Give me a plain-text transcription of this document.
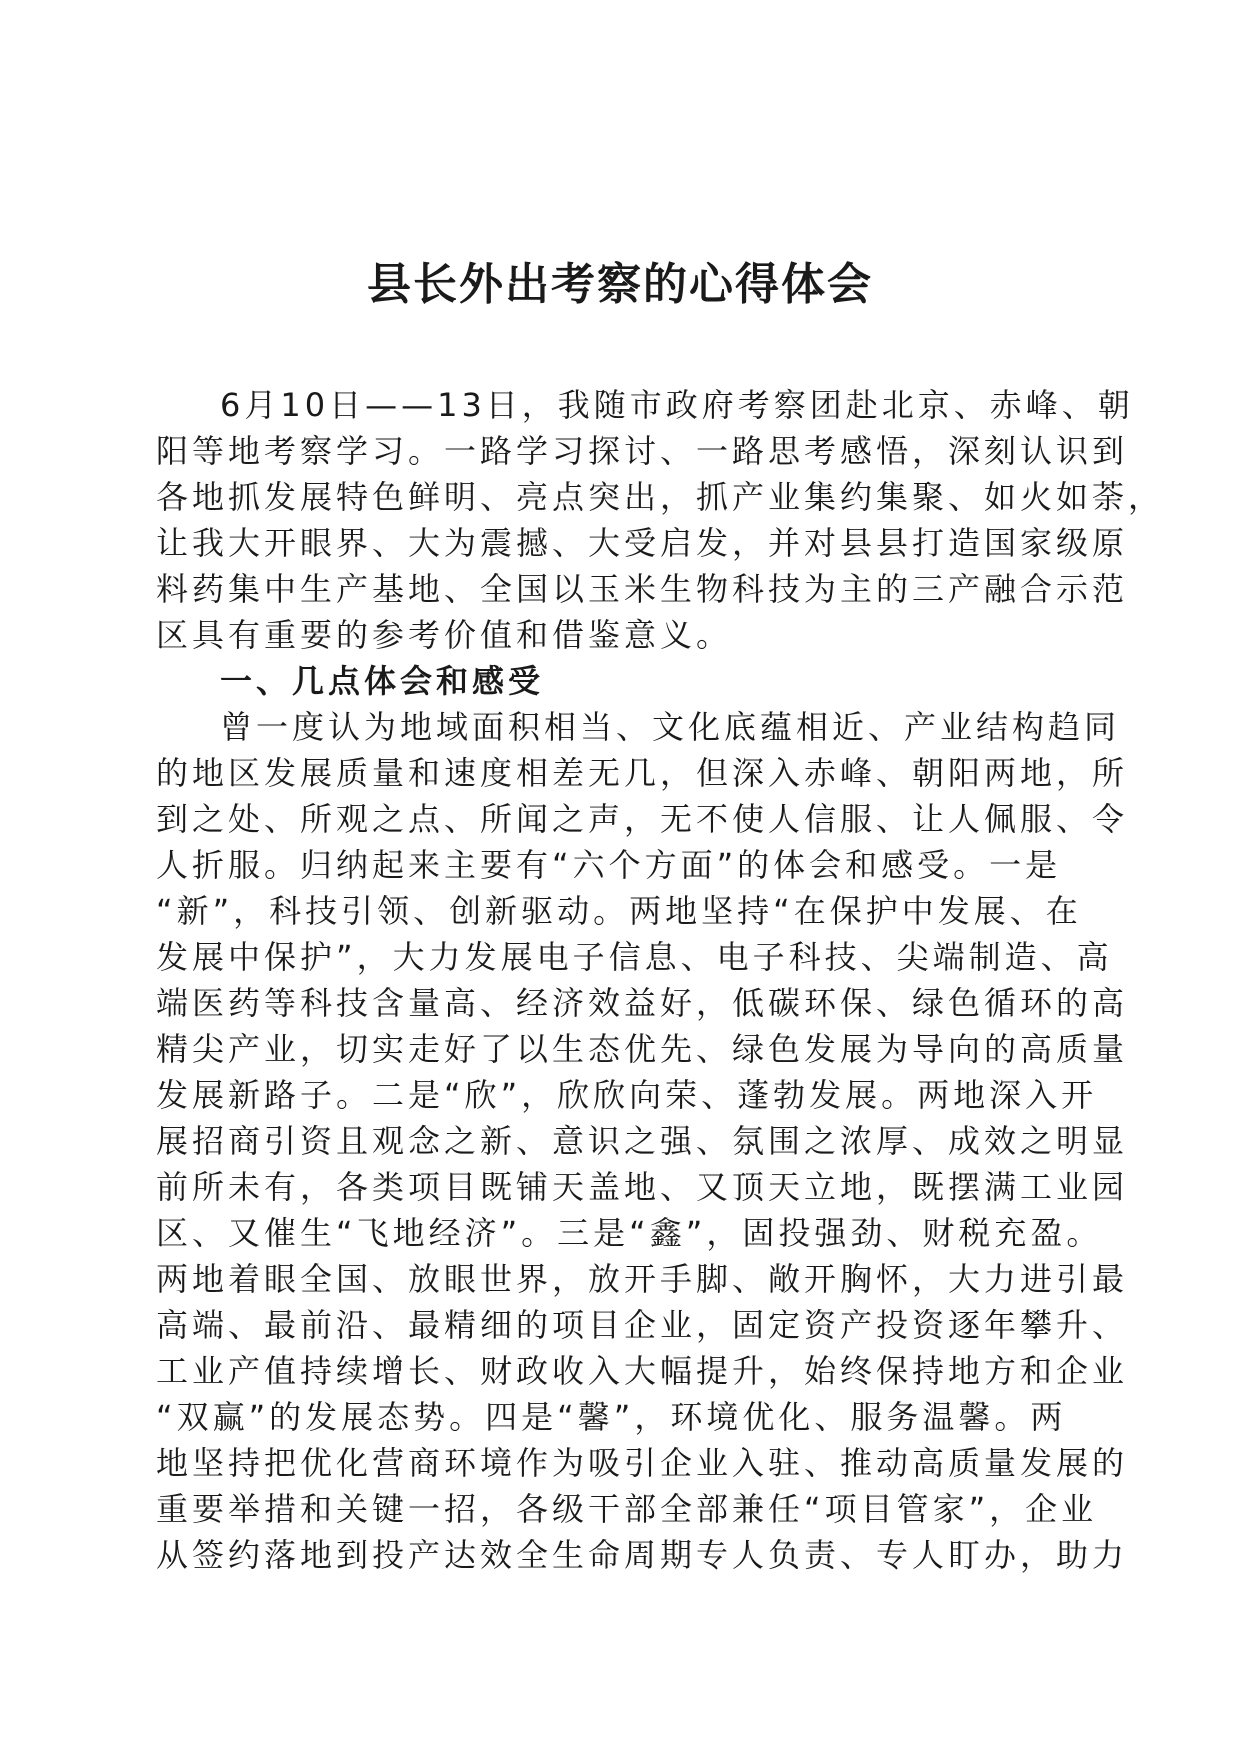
县长外出考察的心得体会
6月10日——13日，我随市政府考察团赴北京、赤峰、朝
阳等地考察学习。一路学习探讨、一路思考感悟，深刻认识到
各地抓发展特色鲜明、亮点突出，抓产业集约集聚、如火如荼，
让我大开眼界、大为震撼、大受启发，并对县县打造国家级原
料药集中生产基地、全国以玉米生物科技为主的三产融合示范
区具有重要的参考价值和借鉴意义。
一、几点体会和感受
曾一度认为地域面积相当、文化底蕴相近、产业结构趋同
的地区发展质量和速度相差无几，但深入赤峰、朝阳两地，所
到之处、所观之点、所闻之声，无不使人信服、让人佩服、令
人折服。归纳起来主要有“六个方面”的体会和感受。一是
“新”，科技引领、创新驱动。两地坚持“在保护中发展、在
发展中保护”，大力发展电子信息、电子科技、尖端制造、高
端医药等科技含量高、经济效益好，低碳环保、绿色循环的高
精尖产业，切实走好了以生态优先、绿色发展为导向的高质量
发展新路子。二是“欣”，欣欣向荣、蓬勃发展。两地深入开
展招商引资且观念之新、意识之强、氛围之浓厚、成效之明显
前所未有，各类项目既铺天盖地、又顶天立地，既摆满工业园
区、又催生“飞地经济”。三是“鑫”，固投强劲、财税充盈。
两地着眼全国、放眼世界，放开手脚、敞开胸怀，大力进引最
高端、最前沿、最精细的项目企业，固定资产投资逐年攀升、
工业产值持续增长、财政收入大幅提升，始终保持地方和企业
“双赢”的发展态势。四是“馨”，环境优化、服务温馨。两
地坚持把优化营商环境作为吸引企业入驻、推动高质量发展的
重要举措和关键一招，各级干部全部兼任“项目管家”，企业
从签约落地到投产达效全生命周期专人负责、专人盯办，助力
